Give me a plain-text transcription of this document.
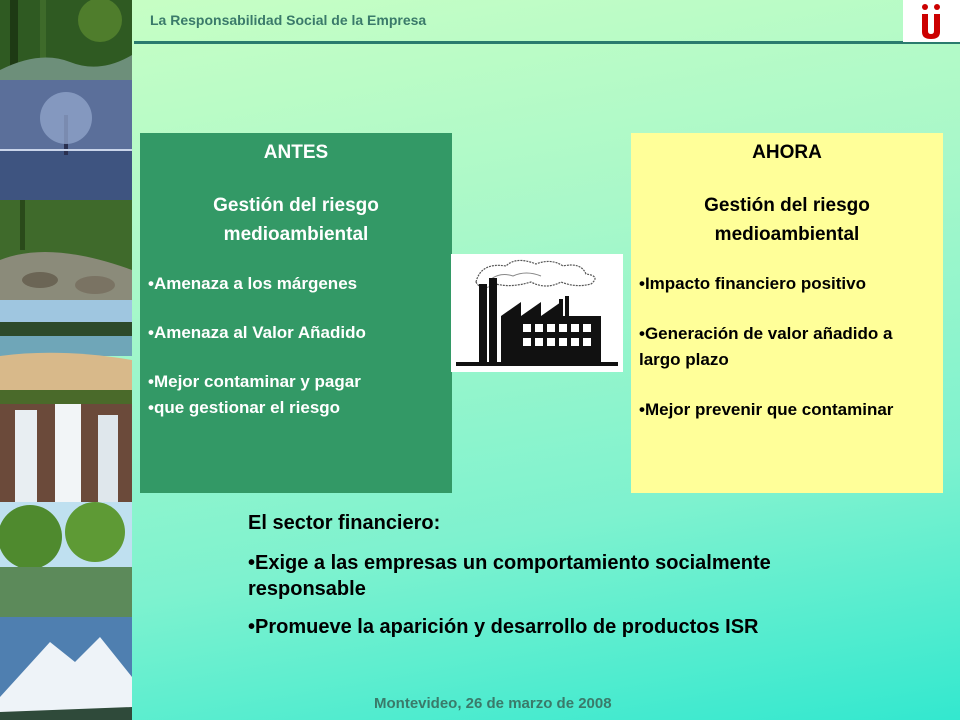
La Responsabilidad Social de la Empresa
ANTES
Gestión del riesgo medioambiental
•Amenaza a los márgenes
•Amenaza al Valor Añadido
•Mejor contaminar y pagar
•que gestionar el riesgo
AHORA
Gestión del riesgo medioambiental
•Impacto financiero positivo
•Generación de valor añadido a largo plazo
•Mejor prevenir que contaminar

El sector financiero:

•Exige a las empresas un comportamiento socialmente responsable

•Promueve la aparición y desarrollo de productos ISR

Montevideo, 26 de marzo de 2008
